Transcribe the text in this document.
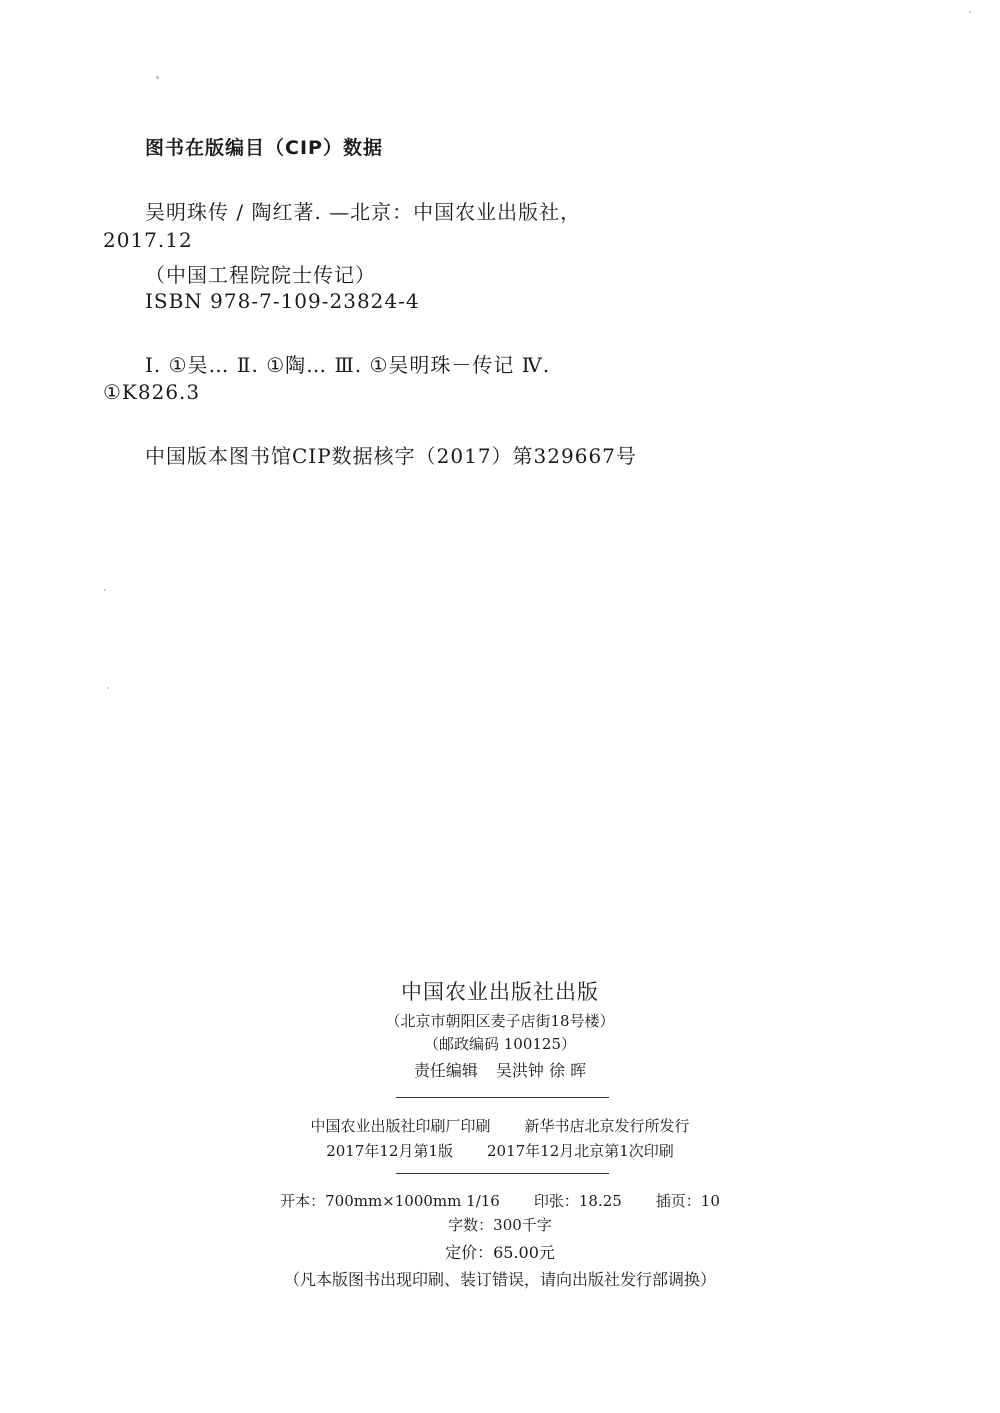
图书在版编目（CIP）数据
吴明珠传 / 陶红著. —北京：中国农业出版社，
2017.12
（中国工程院院士传记）
ISBN 978-7-109-23824-4
Ⅰ. ①吴… Ⅱ. ①陶… Ⅲ. ①吴明珠－传记 Ⅳ.
①K826.3
中国版本图书馆CIP数据核字（2017）第329667号
中国农业出版社出版
（北京市朝阳区麦子店街18号楼）
（邮政编码 100125）
责任编辑 吴洪钟 徐 晖
中国农业出版社印刷厂印刷 新华书店北京发行所发行
2017年12月第1版 2017年12月北京第1次印刷
开本：700mm×1000mm 1/16 印张：18.25 插页：10
字数：300千字
定价：65.00元
（凡本版图书出现印刷、装订错误，请向出版社发行部调换）
